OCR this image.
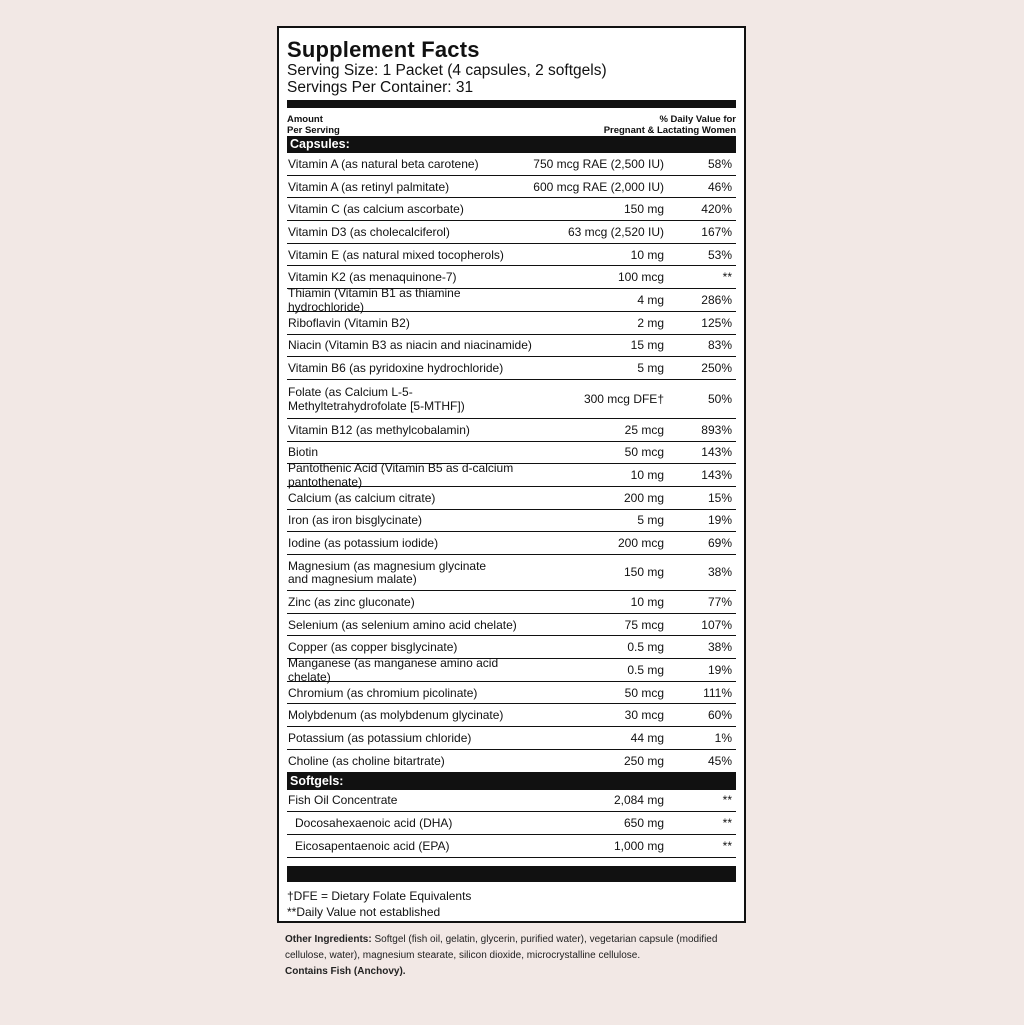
Supplement Facts
Serving Size: 1 Packet (4 capsules, 2 softgels)
Servings Per Container: 31
Amount
Per Serving
% Daily Value for
Pregnant & Lactating Women
Capsules:
Vitamin A (as natural beta carotene)	750 mcg RAE (2,500 IU)	58%
Vitamin A (as retinyl palmitate)	600 mcg RAE (2,000 IU)	46%
Vitamin C (as calcium ascorbate)	150 mg	420%
Vitamin D3 (as cholecalciferol)	63 mcg (2,520 IU)	167%
Vitamin E (as natural mixed tocopherols)	10 mg	53%
Vitamin K2 (as menaquinone-7)	100 mcg	**
Thiamin (Vitamin B1 as thiamine hydrochloride)	4 mg	286%
Riboflavin (Vitamin B2)	2 mg	125%
Niacin (Vitamin B3 as niacin and niacinamide)	15 mg	83%
Vitamin B6 (as pyridoxine hydrochloride)	5 mg	250%
Folate (as Calcium L-5-
Methyltetrahydrofolate [5-MTHF])	300 mcg DFE†	50%
Vitamin B12 (as methylcobalamin)	25 mcg	893%
Biotin	50 mcg	143%
Pantothenic Acid (Vitamin B5 as d-calcium pantothenate)	10 mg	143%
Calcium (as calcium citrate)	200 mg	15%
Iron (as iron bisglycinate)	5 mg	19%
Iodine (as potassium iodide)	200 mcg	69%
Magnesium (as magnesium glycinate
and magnesium malate)	150 mg	38%
Zinc (as zinc gluconate)	10 mg	77%
Selenium (as selenium amino acid chelate)	75 mcg	107%
Copper (as copper bisglycinate)	0.5 mg	38%
Manganese (as manganese amino acid chelate)	0.5 mg	19%
Chromium (as chromium picolinate)	50 mcg	111%
Molybdenum (as molybdenum glycinate)	30 mcg	60%
Potassium (as potassium chloride)	44 mg	1%
Choline (as choline bitartrate)	250 mg	45%
Softgels:
Fish Oil Concentrate	2,084 mg	**
Docosahexaenoic acid (DHA)	650 mg	**
Eicosapentaenoic acid (EPA)	1,000 mg	**
†DFE = Dietary Folate Equivalents
**Daily Value not established
Other Ingredients: Softgel (fish oil, gelatin, glycerin, purified water), vegetarian capsule (modified cellulose, water), magnesium stearate, silicon dioxide, microcrystalline cellulose.
Contains Fish (Anchovy).
